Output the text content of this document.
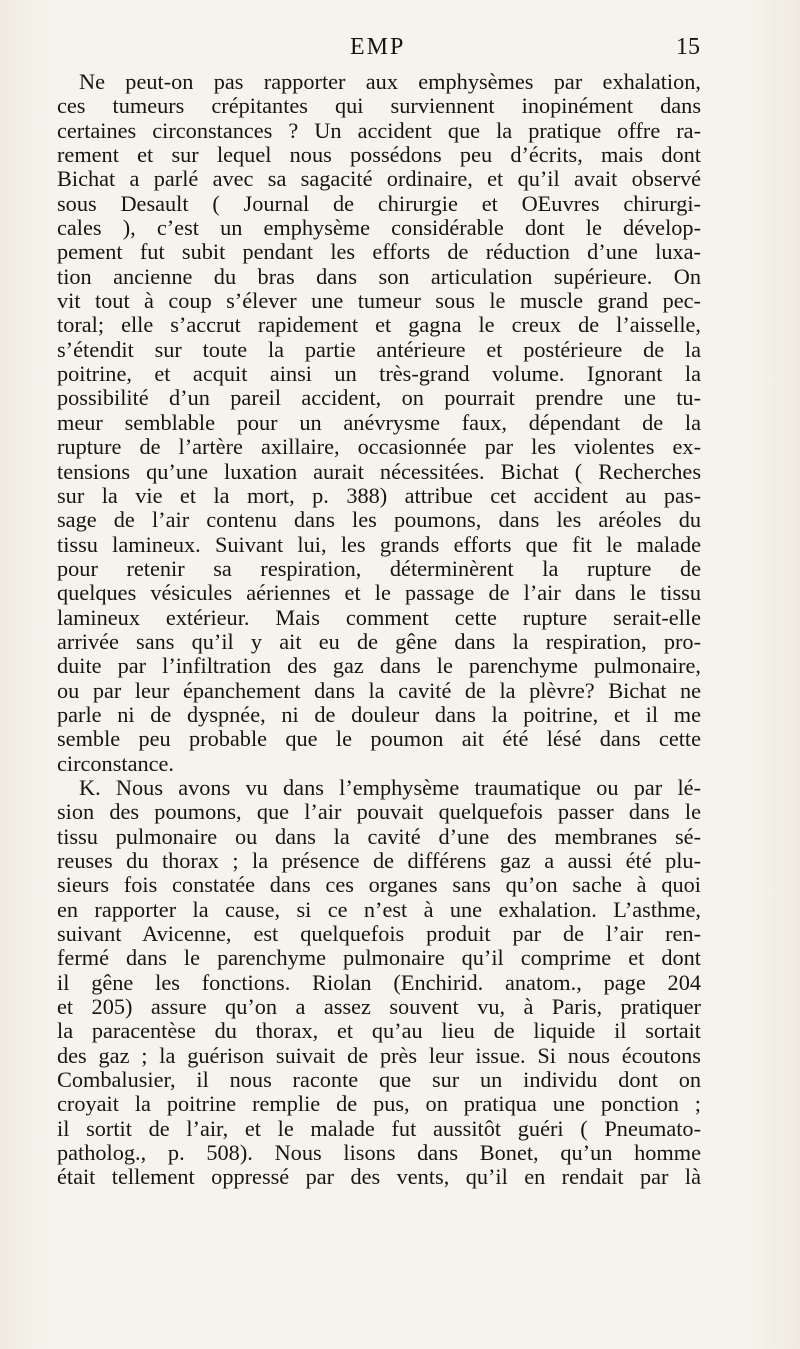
EMP	15
Ne peut-on pas rapporter aux emphysèmes par exhalation,
ces tumeurs crépitantes qui surviennent inopinément dans
certaines circonstances ? Un accident que la pratique offre ra-
rement et sur lequel nous possédons peu d’écrits, mais dont
Bichat a parlé avec sa sagacité ordinaire, et qu’il avait observé
sous Desault ( Journal de chirurgie et OEuvres chirurgi-
cales ), c’est un emphysème considérable dont le dévelop-
pement fut subit pendant les efforts de réduction d’une luxa-
tion ancienne du bras dans son articulation supérieure. On
vit tout à coup s’élever une tumeur sous le muscle grand pec-
toral; elle s’accrut rapidement et gagna le creux de l’aisselle,
s’étendit sur toute la partie antérieure et postérieure de la
poitrine, et acquit ainsi un très-grand volume. Ignorant la
possibilité d’un pareil accident, on pourrait prendre une tu-
meur semblable pour un anévrysme faux, dépendant de la
rupture de l’artère axillaire, occasionnée par les violentes ex-
tensions qu’une luxation aurait nécessitées. Bichat ( Recherches
sur la vie et la mort, p. 388) attribue cet accident au pas-
sage de l’air contenu dans les poumons, dans les aréoles du
tissu lamineux. Suivant lui, les grands efforts que fit le malade
pour retenir sa respiration, déterminèrent la rupture de
quelques vésicules aériennes et le passage de l’air dans le tissu
lamineux extérieur. Mais comment cette rupture serait-elle
arrivée sans qu’il y ait eu de gêne dans la respiration, pro-
duite par l’infiltration des gaz dans le parenchyme pulmonaire,
ou par leur épanchement dans la cavité de la plèvre? Bichat ne
parle ni de dyspnée, ni de douleur dans la poitrine, et il me
semble peu probable que le poumon ait été lésé dans cette
circonstance.
K. Nous avons vu dans l’emphysème traumatique ou par lé-
sion des poumons, que l’air pouvait quelquefois passer dans le
tissu pulmonaire ou dans la cavité d’une des membranes sé-
reuses du thorax ; la présence de différens gaz a aussi été plu-
sieurs fois constatée dans ces organes sans qu’on sache à quoi
en rapporter la cause, si ce n’est à une exhalation. L’asthme,
suivant Avicenne, est quelquefois produit par de l’air ren-
fermé dans le parenchyme pulmonaire qu’il comprime et dont
il gêne les fonctions. Riolan (Enchirid. anatom., page 204
et 205) assure qu’on a assez souvent vu, à Paris, pratiquer
la paracentèse du thorax, et qu’au lieu de liquide il sortait
des gaz ; la guérison suivait de près leur issue. Si nous écoutons
Combalusier, il nous raconte que sur un individu dont on
croyait la poitrine remplie de pus, on pratiqua une ponction ;
il sortit de l’air, et le malade fut aussitôt guéri ( Pneumato-
patholog., p. 508). Nous lisons dans Bonet, qu’un homme
était tellement oppressé par des vents, qu’il en rendait par là
